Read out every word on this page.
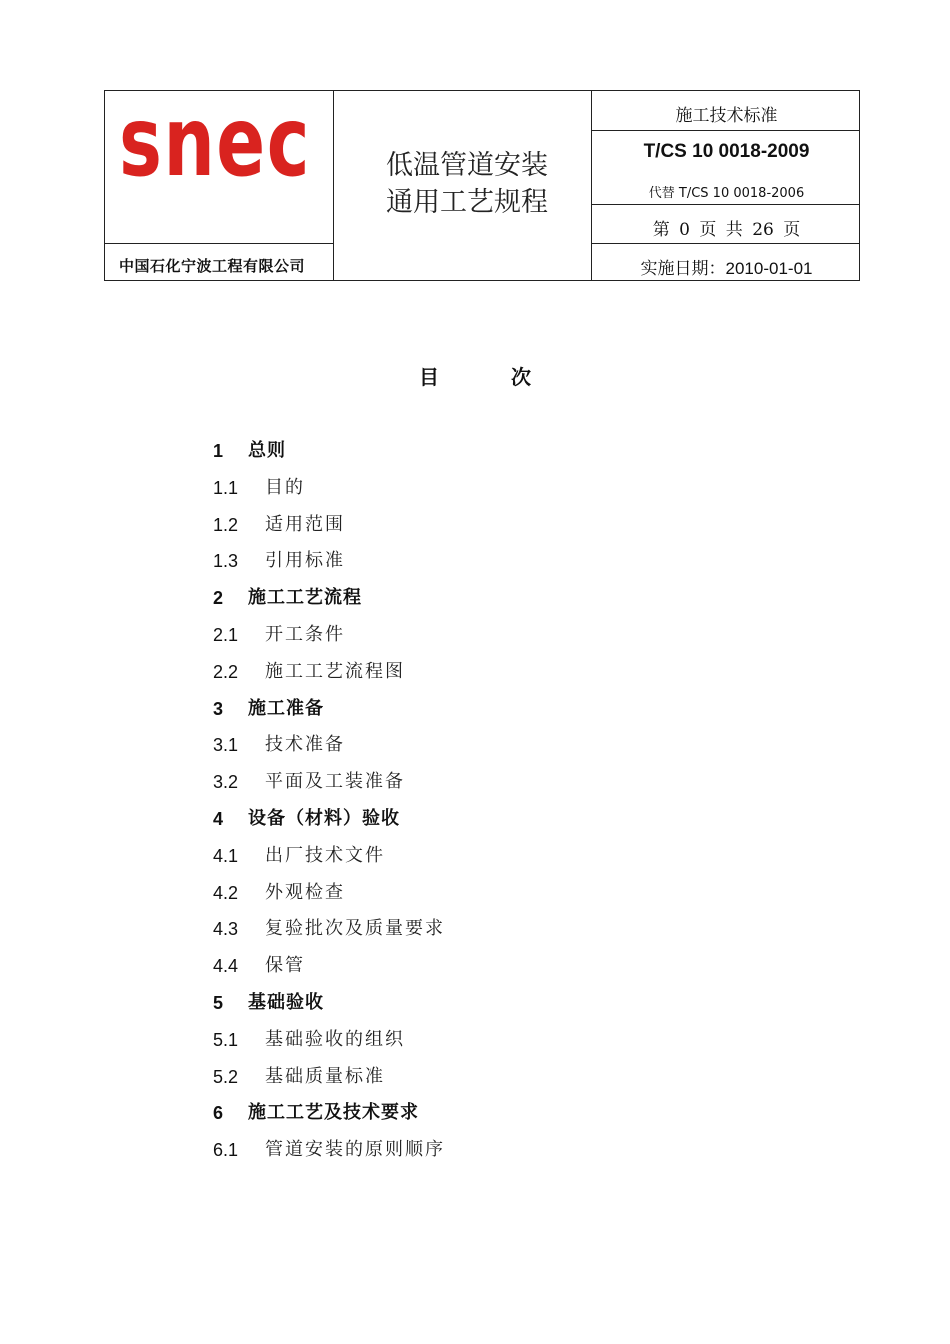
snec
中国石化宁波工程有限公司
低温管道安装
通用工艺规程
施工技术标准
T/CS 10 0018-2009
代替 T/CS 10 0018-2006
第 0 页 共 26 页
实施日期：2010-01-01
目次
1 总则
1.1 目的
1.2 适用范围
1.3 引用标准
2 施工工艺流程
2.1 开工条件
2.2 施工工艺流程图
3 施工准备
3.1 技术准备
3.2 平面及工装准备
4 设备（材料）验收
4.1 出厂技术文件
4.2 外观检查
4.3 复验批次及质量要求
4.4 保管
5 基础验收
5.1 基础验收的组织
5.2 基础质量标准
6 施工工艺及技术要求
6.1 管道安装的原则顺序
